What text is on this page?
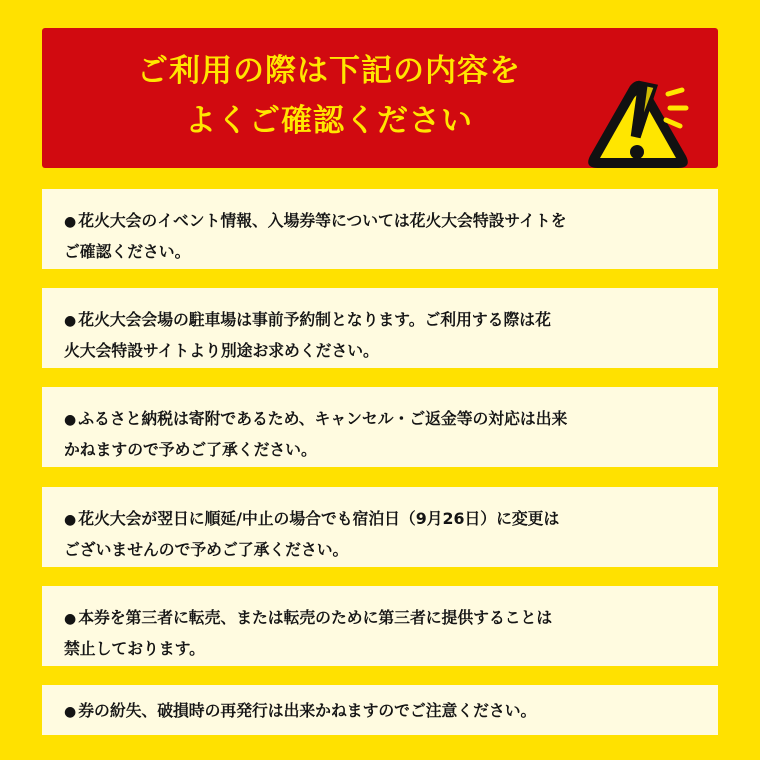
ご利用の際は下記の内容を
よくご確認ください
● 花火大会のイベント情報、入場券等については花火大会特設サイトを
ご確認ください。
● 花火大会会場の駐車場は事前予約制となります。ご利用する際は花
火大会特設サイトより別途お求めください。
● ふるさと納税は寄附であるため、キャンセル・ご返金等の対応は出来
かねますので予めご了承ください。
● 花火大会が翌日に順延/中止の場合でも宿泊日（9月26日）に変更は
ございませんので予めご了承ください。
● 本券を第三者に転売、または転売のために第三者に提供することは
禁止しております。
● 券の紛失、破損時の再発行は出来かねますのでご注意ください。
